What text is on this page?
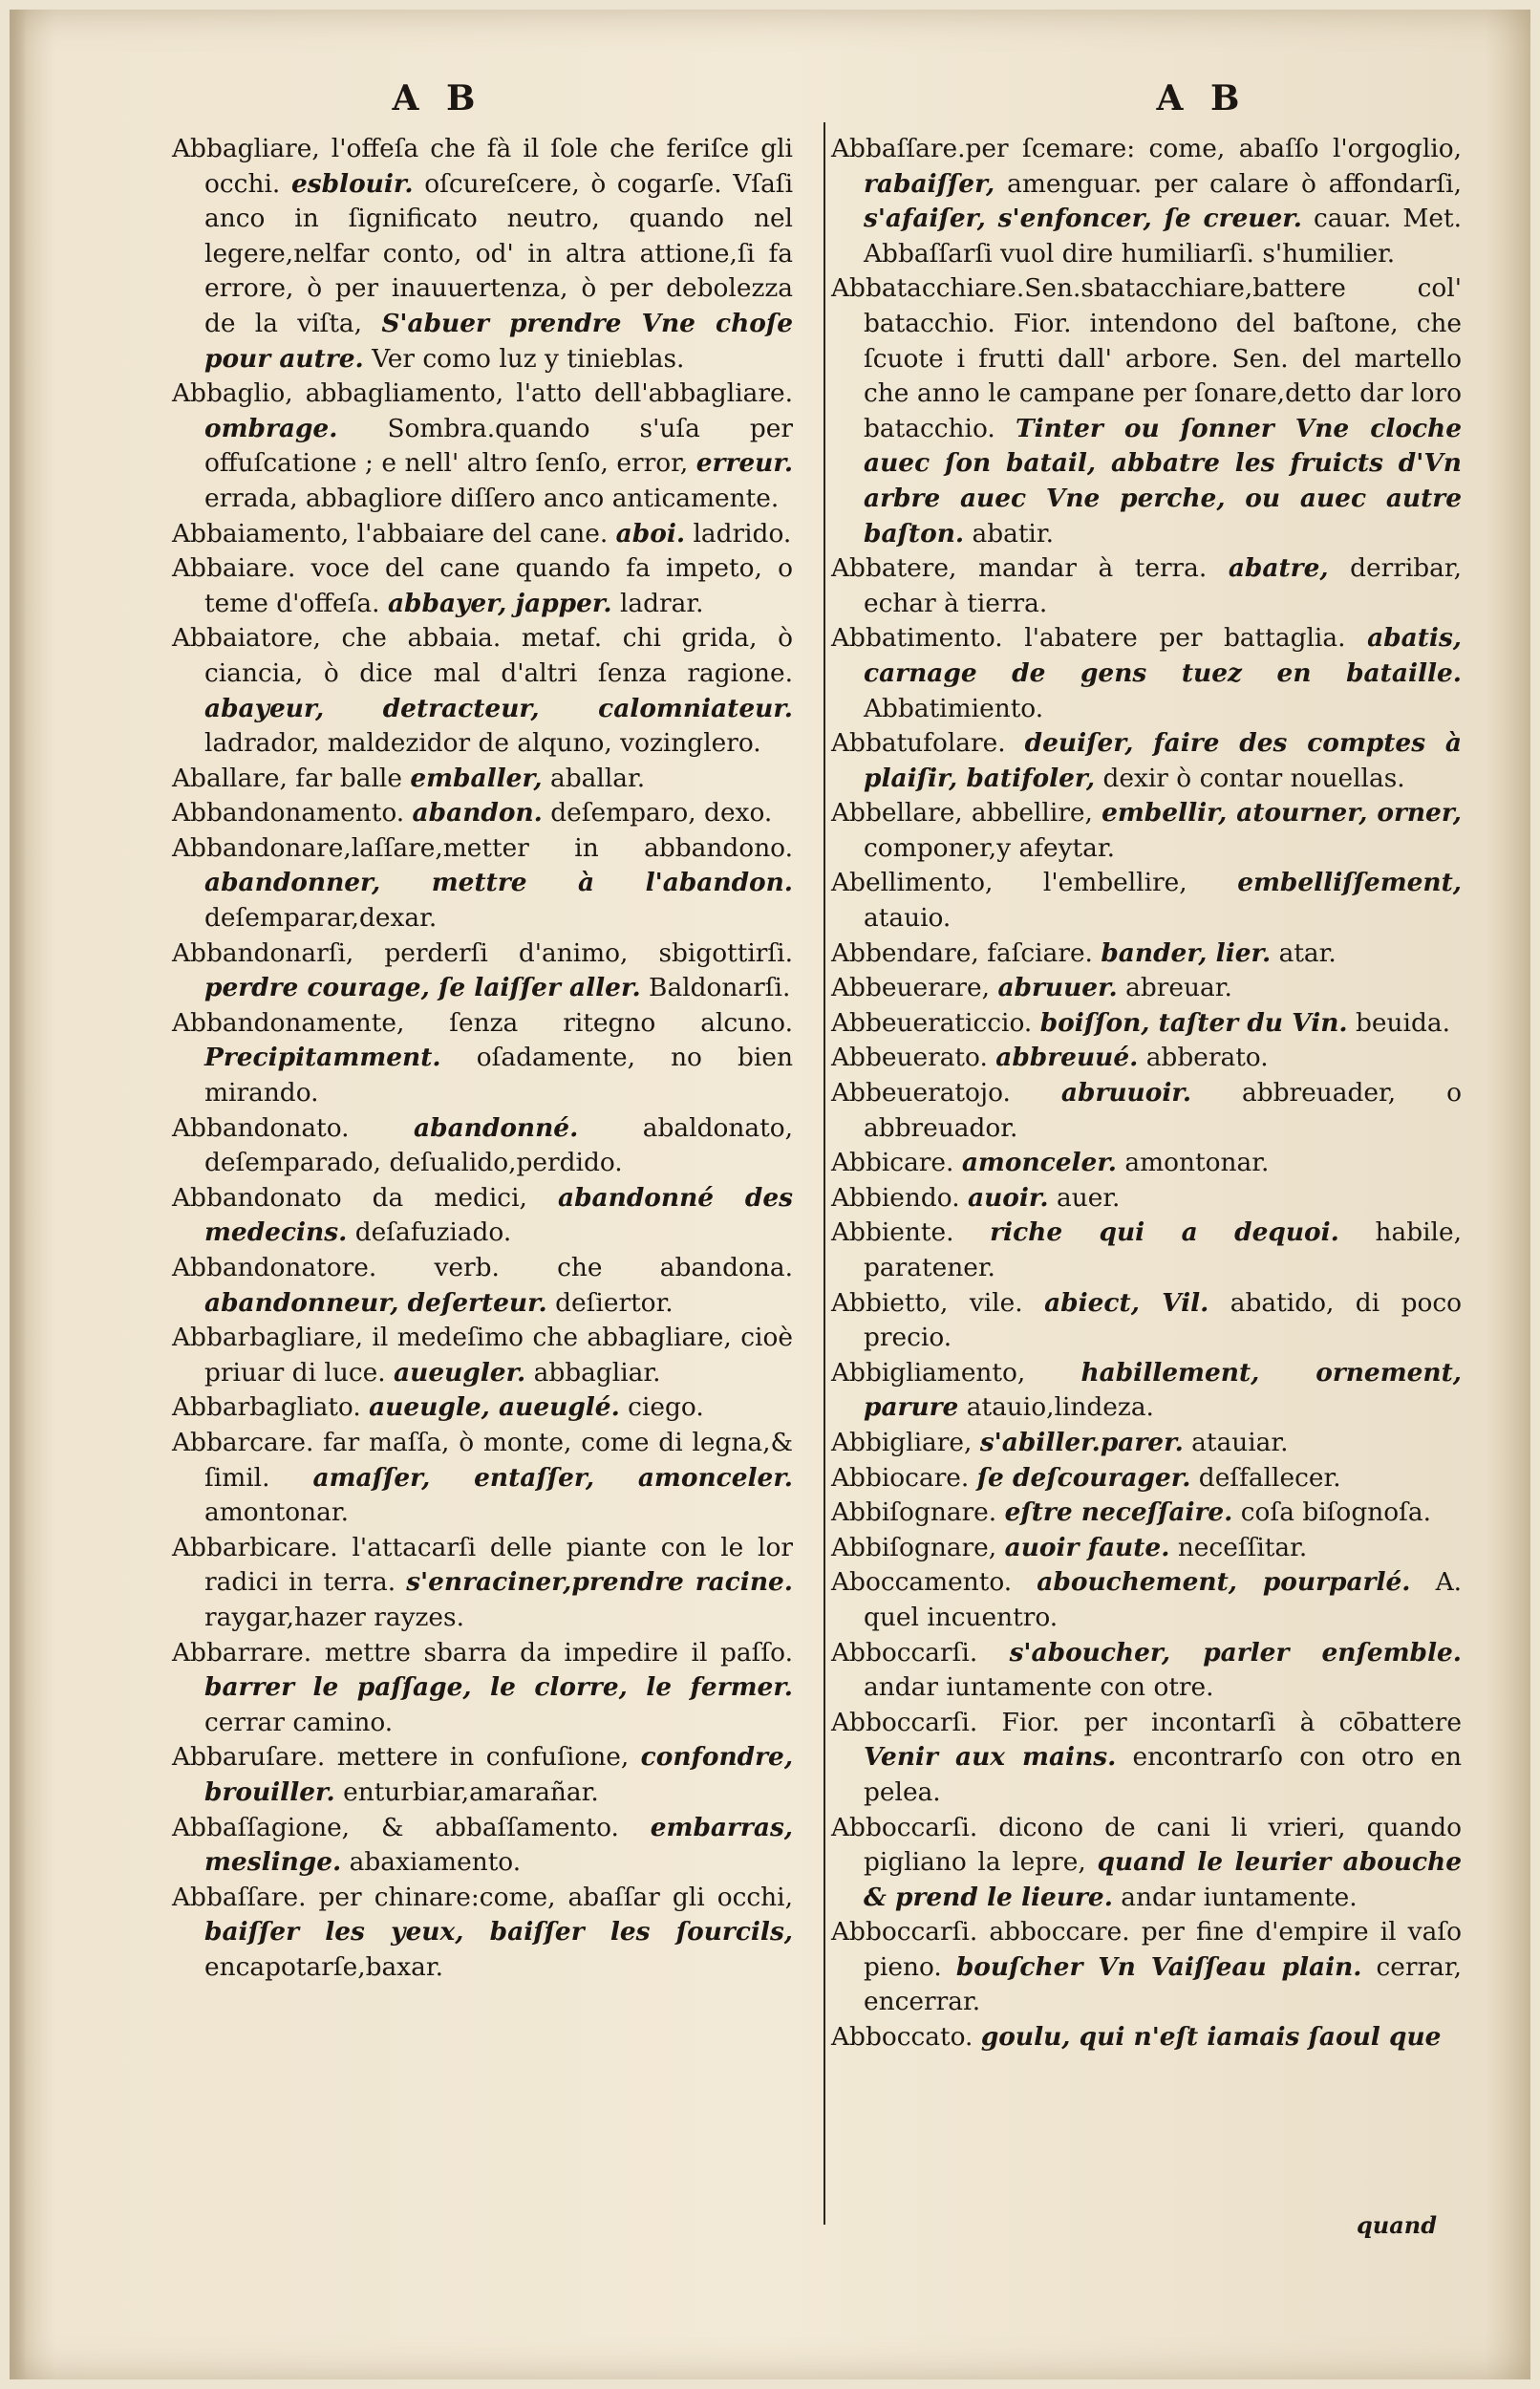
A B	A B

Abbagliare, l'offeſa che fà il ſole che feriſce gli occhi. esblouir. oſcureſcere, ò cogarſe. Vſaſi anco in ſignificato neutro, quando nel legere,nelfar conto, od' in altra attione,ſi fa errore, ò per inauuertenza, ò per debolezza de la viſta, S'abuer prendre Vne choſe pour autre. Ver como luz y tinieblas.

Abbaglio, abbagliamento, l'atto dell'abbagliare. ombrage. Sombra.quando s'uſa per offuſcatione ; e nell' altro ſenſo, error, erreur. errada, abbagliore diſſero anco anticamente.

Abbaiamento, l'abbaiare del cane. aboi. ladrido.

Abbaiare. voce del cane quando fa impeto, o teme d'offeſa. abbayer, japper. ladrar.

Abbaiatore, che abbaia. metaf. chi grida, ò ciancia, ò dice mal d'altri ſenza ragione. abayeur, detracteur, calomniateur. ladrador, maldezidor de alquno, vozinglero.

Aballare, far balle emballer, aballar.

Abbandonamento. abandon. deſemparo, dexo.

Abbandonare,laſſare,metter in abbandono. abandonner, mettre à l'abandon. deſemparar,dexar.

Abbandonarſi, perderſi d'animo, sbigottirſi. perdre courage, ſe laiſſer aller. Baldonarſi.

Abbandonamente, ſenza ritegno alcuno. Precipitamment. oſadamente, no bien mirando.

Abbandonato.	abandonné.	abaldonato, deſemparado, deſualido,perdido.

Abbandonato da medici, abandonné des medecins. deſafuziado.

Abbandonatore. verb. che abandona. abandonneur, deſerteur. deſiertor.

Abbarbagliare, il medeſimo che abbagliare, cioè priuar di luce. aueugler. abbagliar.

Abbarbagliato. aueugle, aueuglé. ciego.

Abbarcare. far maſſa, ò monte, come di legna,& ſimil. amaſſer, entaſſer, amonceler. amontonar.

Abbarbicare. l'attacarſi delle piante con le lor radici in terra. s'enraciner,prendre racine. raygar,hazer rayzes.

Abbarrare. mettre sbarra da impedire il paſſo. barrer le paſſage, le clorre, le fermer. cerrar camino.

Abbaruſare. mettere in confuſione, confondre, brouiller. enturbiar,amarañar.

Abbaſſagione, & abbaſſamento. embarras, meslinge. abaxiamento.

Abbaſſare. per chinare:come, abaſſar gli occhi, baiſſer les yeux, baiſſer les ſourcils, encapotarſe,baxar.

Abbaſſare.per ſcemare: come, abaſſo l'orgoglio, rabaiſſer, amenguar. per calare ò affondarſi, s'afaiſer, s'enfoncer, ſe creuer. cauar. Met. Abbaſſarſi vuol dire humiliarſi. s'humilier.

Abbatacchiare.Sen.sbatacchiare,battere col' batacchio. Fior. intendono del baſtone, che ſcuote i frutti dall' arbore. Sen. del martello che anno le campane per ſonare,detto dar loro batacchio. Tinter ou ſonner Vne cloche auec ſon batail, abbatre les fruicts d'Vn arbre auec Vne perche, ou auec autre baſton. abatir.

Abbatere, mandar à terra. abatre, derribar, echar à tierra.

Abbatimento. l'abatere per battaglia. abatis, carnage de gens tuez en bataille. Abbatimiento.

Abbatufolare. deuiſer, faire des comptes à plaiſir, batifoler, dexir ò contar nouellas.

Abbellare, abbellire, embellir, atourner, orner, componer,y afeytar.

Abellimento, l'embellire, embelliſſement, atauio.

Abbendare, faſciare. bander, lier. atar.

Abbeuerare, abruuer. abreuar.

Abbeueraticcio. boiſſon, taſter du Vin. beuida.

Abbeuerato. abbreuué. abberato.

Abbeueratojo. abruuoir. abbreuader, o abbreuador.

Abbicare. amonceler. amontonar.

Abbiendo. auoir. auer.

Abbiente. riche qui a dequoi. habile, paratener.

Abbietto, vile. abiect, Vil. abatido, di poco precio.

Abbigliamento, habillement, ornement, parure atauio,lindeza.

Abbigliare, s'abiller.parer. atauiar.

Abbiocare. ſe deſcourager. deſfallecer.

Abbiſognare. eſtre neceſſaire. coſa biſognoſa.

Abbiſognare, auoir faute. neceſſitar.

Aboccamento. abouchement, pourparlé. A. quel incuentro.

Abboccarſi. s'aboucher, parler enſemble. andar iuntamente con otre.

Abboccarſi. Fior. per incontarſi à cōbattere Venir aux mains. encontrarſo con otro en pelea.

Abboccarſi. dicono de cani li vrieri, quando pigliano la lepre, quand le leurier abouche & prend le lieure. andar iuntamente.

Abboccarſi. abboccare. per fine d'empire il vaſo pieno. bouſcher Vn Vaiſſeau plain. cerrar, encerrar.

Abboccato. goulu, qui n'eſt iamais ſaoul que

quand
